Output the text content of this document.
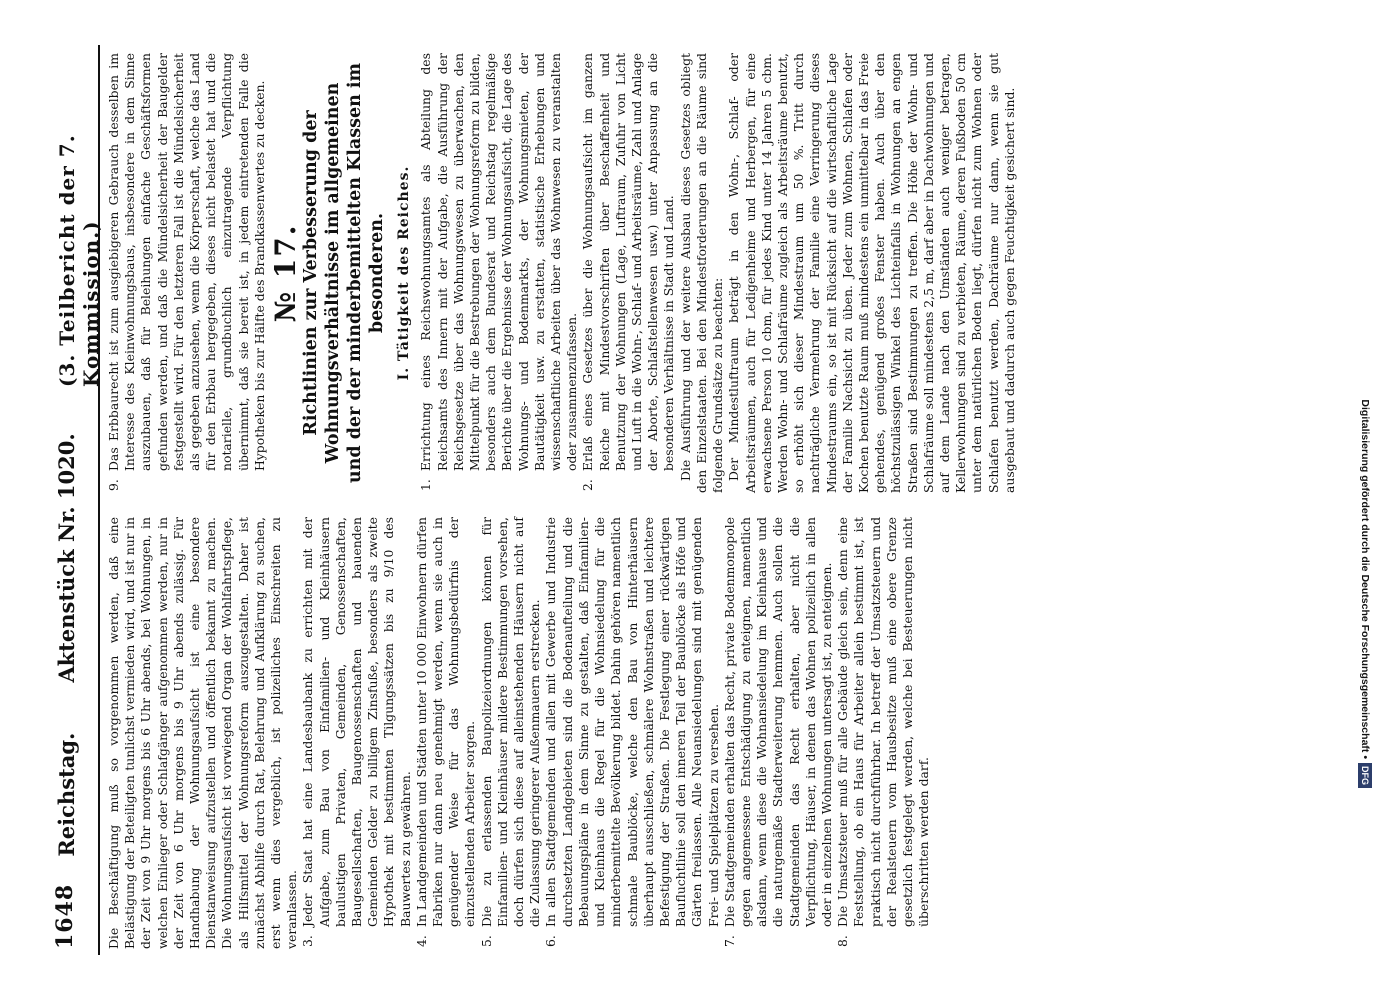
1648
Reichstag.Aktenstück Nr. 1020.
(3. Teilbericht der 7. Kommission.)

Die Beschäftigung muß so vorgenommen werden, daß eine Belästigung der Beteiligten tunlichst vermieden wird, und ist nur in der Zeit von 9 Uhr morgens bis 6 Uhr abends, bei Wohnungen, in welchen Einlieger oder Schlafgänger aufgenommen werden, nur in der Zeit von 6 Uhr morgens bis 9 Uhr abends zulässig. Für Handhabung der Wohnungsaufsicht ist eine besondere Dienstanweisung aufzustellen und öffentlich bekannt zu machen. Die Wohnungsaufsicht ist vorwiegend Organ der Wohlfahrtspflege, als Hilfsmittel der Wohnungsreform auszugestalten. Daher ist zunächst Abhilfe durch Rat, Belehrung und Aufklärung zu suchen, erst wenn dies vergeblich, ist polizeiliches Einschreiten zu veranlassen. 3.

Jeder Staat hat eine Landesbaubank zu errichten mit der Aufgabe, zum Bau von Einfamilien- und Kleinhäusern baulustigen Privaten, Gemeinden, Genossenschaften, Baugesellschaften, Baugenossenschaften und bauenden Gemeinden Gelder zu billigem Zinsfuße, besonders als zweite Hypothek mit bestimmten Tilgungssätzen bis zu 9/10 des Bauwertes zu gewähren.

4.

In Landgemeinden und Städten unter 10 000 Einwohnern dürfen Fabriken nur dann neu genehmigt werden, wenn sie auch in genügender Weise für das Wohnungsbedürfnis der einzustellenden Arbeiter sorgen.

5.

Die zu erlassenden Baupolizeiordnungen können für Einfamilien- und Kleinhäuser mildere Bestimmungen vorsehen, doch dürfen sich diese auf alleinstehenden Häusern nicht auf die Zulassung geringerer Außenmauern erstrecken.

6.

In allen Stadtgemeinden und allen mit Gewerbe und Industrie durchsetzten Landgebieten sind die Bodenaufteilung und die Bebauungspläne in dem Sinne zu gestalten, daß Einfamilien- und Kleinhaus die Regel für die Wohnsiedelung für die minderbemittelte Bevölkerung bildet. Dahin gehören namentlich schmale Baublöcke, welche den Bau von Hinterhäusern überhaupt ausschließen, schmälere Wohnstraßen und leichtere Befestigung der Straßen. Die Festlegung einer rückwärtigen Baufluchtlinie soll den inneren Teil der Baublöcke als Höfe und Gärten freilassen. Alle Neuansiedelungen sind mit genügenden Frei- und Spielplätzen zu versehen.

7.

Die Stadtgemeinden erhalten das Recht, private Bodenmonopole gegen angemessene Entschädigung zu enteignen, namentlich alsdann, wenn diese die Wohnansiedelung im Kleinhause und die naturgemäße Stadterweiterung hemmen. Auch sollen die Stadtgemeinden das Recht erhalten, aber nicht die Verpflichtung, Häuser, in denen das Wohnen polizeilich in allen oder in einzelnen Wohnungen untersagt ist, zu enteignen.

8.

Die Umsatzsteuer muß für alle Gebäude gleich sein, denn eine Feststellung, ob ein Haus für Arbeiter allein bestimmt ist, ist praktisch nicht durchführbar. In betreff der Umsatzsteuern und der Realsteuern vom Hausbesitze muß eine obere Grenze gesetzlich festgelegt werden, welche bei Besteuerungen nicht überschritten werden darf.

9.

Das Erbbaurecht ist zum ausgiebigeren Gebrauch desselben im Interesse des Kleinwohnungsbaus, insbesondere in dem Sinne auszubauen, daß für Beleihungen einfache Geschäftsformen gefunden werden, und daß die Mündelsicherheit der Baugelder festgestellt wird. Für den letzteren Fall ist die Mündelsicherheit als gegeben anzusehen, wenn die Körperschaft, welche das Land für den Erbbau hergegeben, dieses nicht belastet hat und die notarielle, grundbuchlich einzutragende Verpflichtung übernimmt, daß sie bereit ist, in jedem eintretenden Falle die Hypotheken bis zur Hälfte des Brandkassenwertes zu decken. № 17. Richtlinien zur Verbesserung der Wohnungsverhältnisse im allgemeinen und der der minderbemittelten Klassen im besonderen. I. Tätigkeit des Reiches.
1.

Errichtung eines Reichswohnungsamtes als Abteilung des Reichsamts des Innern mit der Aufgabe, die Ausführung der Reichsgesetze über das Wohnungswesen zu überwachen, den Mittelpunkt für die Bestrebungen der Wohnungsreform zu bilden, besonders auch dem Bundesrat und Reichstag regelmäßige Berichte über die Ergebnisse der Wohnungsaufsicht, die Lage des Wohnungs- und Bodenmarkts, der Wohnungsmieten, der Bautätigkeit usw. zu erstatten, statistische Erhebungen und wissenschaftliche Arbeiten über das Wohnwesen zu veranstalten oder zusammenzufassen.

2.

Erlaß eines Gesetzes über die Wohnungsaufsicht im ganzen Reiche mit Mindestvorschriften über Beschaffenheit und Benutzung der Wohnungen (Lage, Luftraum, Zufuhr von Licht und Luft in die Wohn-, Schlaf- und Arbeitsräume, Zahl und Anlage der Aborte, Schlafstellenwesen usw.) unter Anpassung an die besonderen Verhältnisse in Stadt und Land. Die Ausführung und der weitere Ausbau dieses Gesetzes obliegt den Einzelstaaten. Bei den Mindestforderungen an die Räume sind folgende Grundsätze zu beachten: Der Mindestluftraum beträgt in den Wohn-, Schlaf- oder Arbeitsräumen, auch für Ledigenheime und Herbergen, für eine erwachsene Person 10 cbm, für jedes Kind unter 14 Jahren 5 cbm. Werden Wohn- und Schlafräume zugleich als Arbeitsräume benutzt, so erhöht sich dieser Mindestraum um 50 %. Tritt durch nachträgliche Vermehrung der Familie eine Verringerung dieses Mindestraums ein, so ist mit Rücksicht auf die wirtschaftliche Lage der Familie Nachsicht zu üben. Jeder zum Wohnen, Schlafen oder Kochen benutzte Raum muß mindestens ein unmittelbar in das Freie gehendes, genügend großes Fenster haben. Auch über den höchstzulässigen Winkel des Lichteinfalls in Wohnungen an engen Straßen sind Bestimmungen zu treffen. Die Höhe der Wohn- und Schlafräume soll mindestens 2,5 m, darf aber in Dachwohnungen und auf dem Lande nach den Umständen auch weniger betragen, Kellerwohnungen sind zu verbieten, Räume, deren Fußboden 50 cm unter dem natürlichen Boden liegt, dürfen nicht zum Wohnen oder Schlafen benutzt werden, Dachräume nur dann, wenn sie gut ausgebaut und dadurch auch gegen Feuchtigkeit gesichert sind.

Digitalisierung gefördert durch die Deutsche Forschungsgemeinschaft •DFG
